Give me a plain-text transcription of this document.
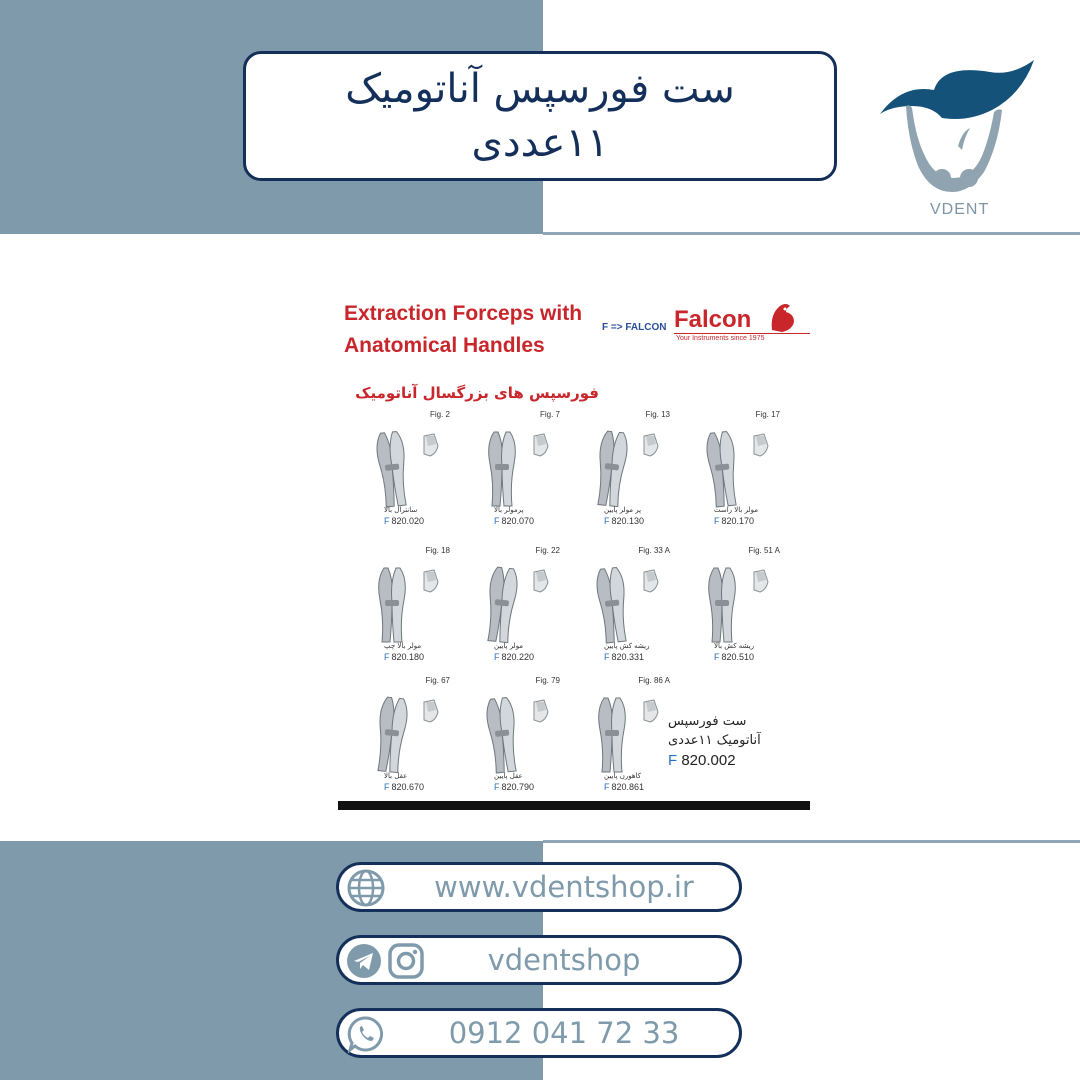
ست فورسپس آناتومیک
۱۱عددی
VDENT
Extraction Forceps with Anatomical Handles
فورسپس های بزرگسال آناتومیک
F => FALCON Falcon
Your Instruments since 1975
Fig. 2
سانترال بالا
F 820.020
Fig. 7
پرمولر بالا
F 820.070
Fig. 13
پر مولر پایین
F 820.130
Fig. 17
مولر بالا راست
F 820.170
Fig. 18
مولر بالا چپ
F 820.180
Fig. 22
مولر پایین
F 820.220
Fig. 33 A
ریشه کش پایین
F 820.331
Fig. 51 A
ریشه کش بالا
F 820.510
Fig. 67
عقل بالا
F 820.670
Fig. 79
عقل پایین
F 820.790
Fig. 86 A
کاهورن پایین
F 820.861
ست فورسپس
آناتومیک ۱۱عددی
F 820.002
www.vdentshop.ir
vdentshop
0912 041 72 33
